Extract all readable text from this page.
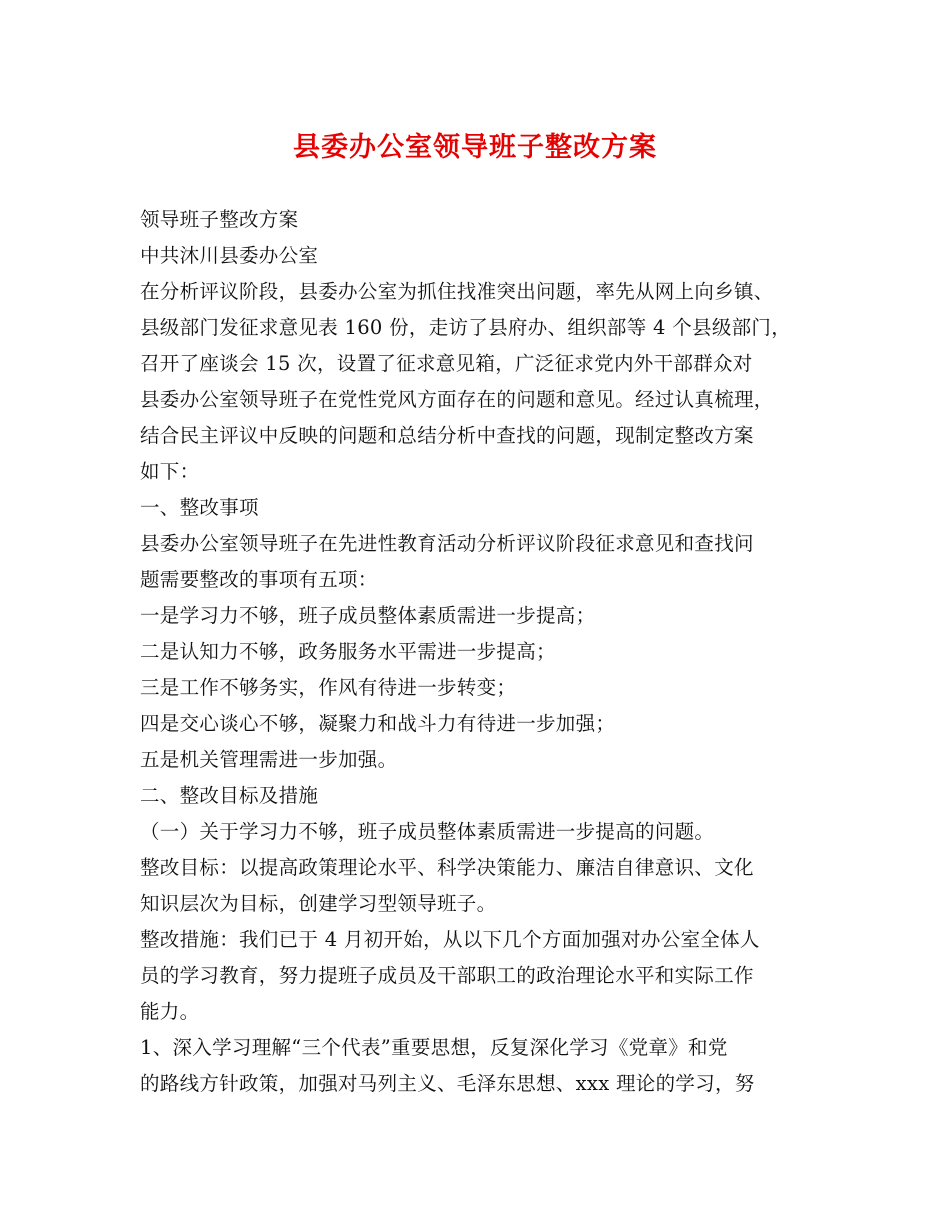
县委办公室领导班子整改方案
领导班子整改方案
中共沐川县委办公室
在分析评议阶段，县委办公室为抓住找准突出问题，率先从网上向乡镇、
县级部门发征求意见表 160 份，走访了县府办、组织部等 4 个县级部门，
召开了座谈会 15 次，设置了征求意见箱，广泛征求党内外干部群众对
县委办公室领导班子在党性党风方面存在的问题和意见。经过认真梳理，
结合民主评议中反映的问题和总结分析中查找的问题，现制定整改方案
如下：
一、整改事项
县委办公室领导班子在先进性教育活动分析评议阶段征求意见和查找问
题需要整改的事项有五项：
一是学习力不够，班子成员整体素质需进一步提高；
二是认知力不够，政务服务水平需进一步提高；
三是工作不够务实，作风有待进一步转变；
四是交心谈心不够，凝聚力和战斗力有待进一步加强；
五是机关管理需进一步加强。
二、整改目标及措施
（一）关于学习力不够，班子成员整体素质需进一步提高的问题。
整改目标：以提高政策理论水平、科学决策能力、廉洁自律意识、文化
知识层次为目标，创建学习型领导班子。
整改措施：我们已于 4 月初开始，从以下几个方面加强对办公室全体人
员的学习教育，努力提班子成员及干部职工的政治理论水平和实际工作
能力。
1、深入学习理解“三个代表”重要思想，反复深化学习《党章》和党
的路线方针政策，加强对马列主义、毛泽东思想、xxx 理论的学习，努
